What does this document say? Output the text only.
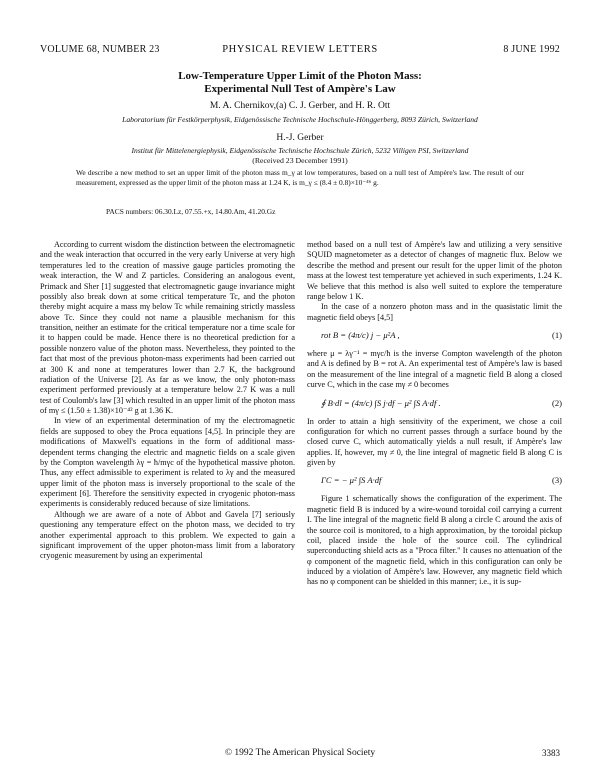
VOLUME 68, NUMBER 23	PHYSICAL REVIEW LETTERS	8 JUNE 1992
Low-Temperature Upper Limit of the Photon Mass:
Experimental Null Test of Ampère's Law
M. A. Chernikov,(a) C. J. Gerber, and H. R. Ott
Laboratorium für Festkörperphysik, Eidgenössische Technische Hochschule-Hönggerberg, 8093 Zürich, Switzerland
H.-J. Gerber
Institut für Mittelenergiephysik, Eidgenössische Technische Hochschule Zürich, 5232 Villigen PSI, Switzerland
(Received 23 December 1991)
We describe a new method to set an upper limit of the photon mass m_γ at low temperatures, based on a null test of Ampère's law. The result of our measurement, expressed as the upper limit of the photon mass at 1.24 K, is m_γ ≤ (8.4 ± 0.8)×10⁻⁴⁶ g.
PACS numbers: 06.30.Lz, 07.55.+x, 14.80.Am, 41.20.Gz

According to current wisdom the distinction between the electromagnetic and the weak interaction that occurred in the very early Universe at very high temperatures led to the creation of massive gauge particles promoting the weak interaction, the W and Z particles. Considering an analogous event, Primack and Sher [1] suggested that electromagnetic gauge invariance might possibly also break down at some critical temperature Tc, and the photon thereby might acquire a mass mγ below Tc while remaining strictly massless above Tc. Since they could not name a plausible mechanism for this transition, neither an estimate for the critical temperature nor a time scale for it to happen could be made. Hence there is no theoretical prediction for a possible nonzero value of the photon mass. Nevertheless, they pointed to the fact that most of the previous photon-mass experiments had been carried out at 300 K and none at temperatures lower than 2.7 K, the background radiation of the Universe [2]. As far as we know, the only photon-mass experiment performed previously at a temperature below 2.7 K was a null test of Coulomb's law [3] which resulted in an upper limit of the photon mass of mγ ≤ (1.50 ± 1.38)×10⁻⁴² g at 1.36 K.

In view of an experimental determination of mγ the electromagnetic fields are supposed to obey the Proca equations [4,5]. In principle they are modifications of Maxwell's equations in the form of additional mass-dependent terms changing the electric and magnetic fields on a scale given by the Compton wavelength λγ = ħ/mγc of the hypothetical massive photon. Thus, any effect admissible to experiment is related to λγ and the measured upper limit of the photon mass is inversely proportional to the scale of the experiment [6]. Therefore the sensitivity expected in cryogenic photon-mass experiments is considerably reduced because of size limitations.

Although we are aware of a note of Abbot and Gavela [7] seriously questioning any temperature effect on the photon mass, we decided to try another experimental approach to this problem. We expected to gain a significant improvement of the upper photon-mass limit from a laboratory cryogenic measurement by using an experimental

method based on a null test of Ampère's law and utilizing a very sensitive SQUID magnetometer as a detector of changes of magnetic flux. Below we describe the method and present our result for the upper limit of the photon mass at the lowest test temperature yet achieved in such experiments, 1.24 K. We believe that this method is also well suited to explore the temperature range below 1 K.

In the case of a nonzero photon mass and in the quasistatic limit the magnetic field obeys [4,5]

rot B = (4π/c) j − μ²A ,	(1)

where μ = λγ⁻¹ = mγc/ħ is the inverse Compton wavelength of the photon and A is defined by B = rot A. An experimental test of Ampère's law is based on the measurement of the line integral of a magnetic field B along a closed curve C, which in the case mγ ≠ 0 becomes

∮ B·dl = (4π/c) ∫S j·df − μ² ∫S A·df .	(2)

In order to attain a high sensitivity of the experiment, we chose a coil configuration for which no current passes through a surface bound by the closed curve C, which automatically yields a null result, if Ampère's law applies. If, however, mγ ≠ 0, the line integral of magnetic field B along C is given by

ΓC = − μ² ∫S A·df	(3)

Figure 1 schematically shows the configuration of the experiment. The magnetic field B is induced by a wire-wound toroidal coil carrying a current I. The line integral of the magnetic field B along a circle C around the axis of the source coil is monitored, to a high approximation, by the toroidal pickup coil, placed inside the hole of the source coil. The cylindrical superconducting shield acts as a "Proca filter." It causes no attenuation of the φ component of the magnetic field, which in this configuration can only be induced by a violation of Ampère's law. However, any magnetic field which has no φ component can be shielded in this manner; i.e., it is sup-

© 1992 The American Physical Society	3383
